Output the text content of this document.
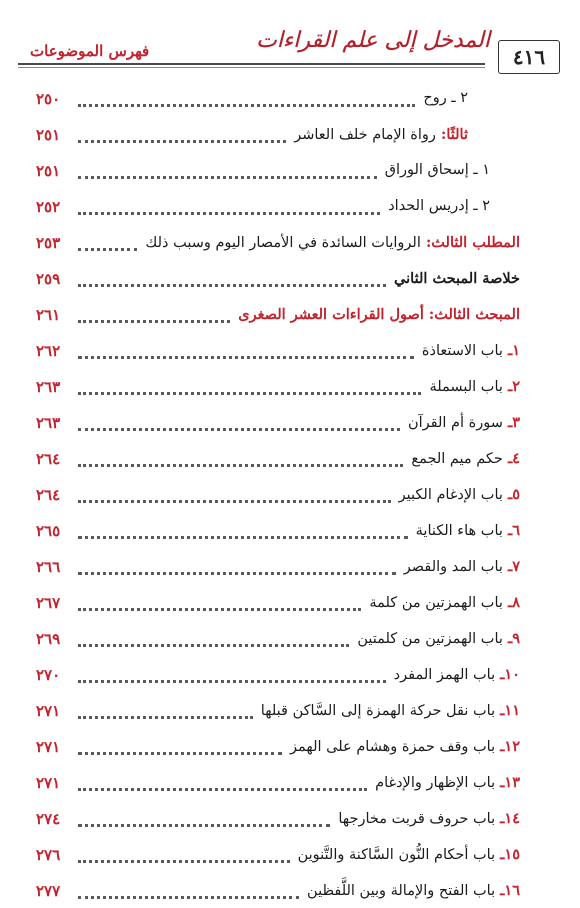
٤١٦
المدخل إلى علم القراءات
فهرس الموضوعات
٢ ـ روح
٢٥٠
ثالثًا: رواة الإمام خلف العاشر
٢٥١
١ ـ إسحاق الوراق
٢٥١
٢ ـ إدريس الحداد
٢٥٢
المطلب الثالث: الروايات السائدة في الأمصار اليوم وسبب ذلك
٢٥٣
خلاصة المبحث الثاني
٢٥٩
المبحث الثالث: أصول القراءات العشر الصغرى
٢٦١
١ـ باب الاستعاذة
٢٦٢
٢ـ باب البسملة
٢٦٣
٣ـ سورة أم القرآن
٢٦٣
٤ـ حكم ميم الجمع
٢٦٤
٥ـ باب الإدغام الكبير
٢٦٤
٦ـ باب هاء الكناية
٢٦٥
٧ـ باب المد والقصر
٢٦٦
٨ـ باب الهمزتين من كلمة
٢٦٧
٩ـ باب الهمزتين من كلمتين
٢٦٩
١٠ـ باب الهمز المفرد
٢٧٠
١١ـ باب نقل حركة الهمزة إلى السَّاكن قبلها
٢٧١
١٢ـ باب وقف حمزة وهشام على الهمز
٢٧١
١٣ـ باب الإظهار والإدغام
٢٧١
١٤ـ باب حروف قربت مخارجها
٢٧٤
١٥ـ باب أحكام النُّون السَّاكنة والتَّنوين
٢٧٦
١٦ـ باب الفتح والإمالة وبين اللَّفظين
٢٧٧
